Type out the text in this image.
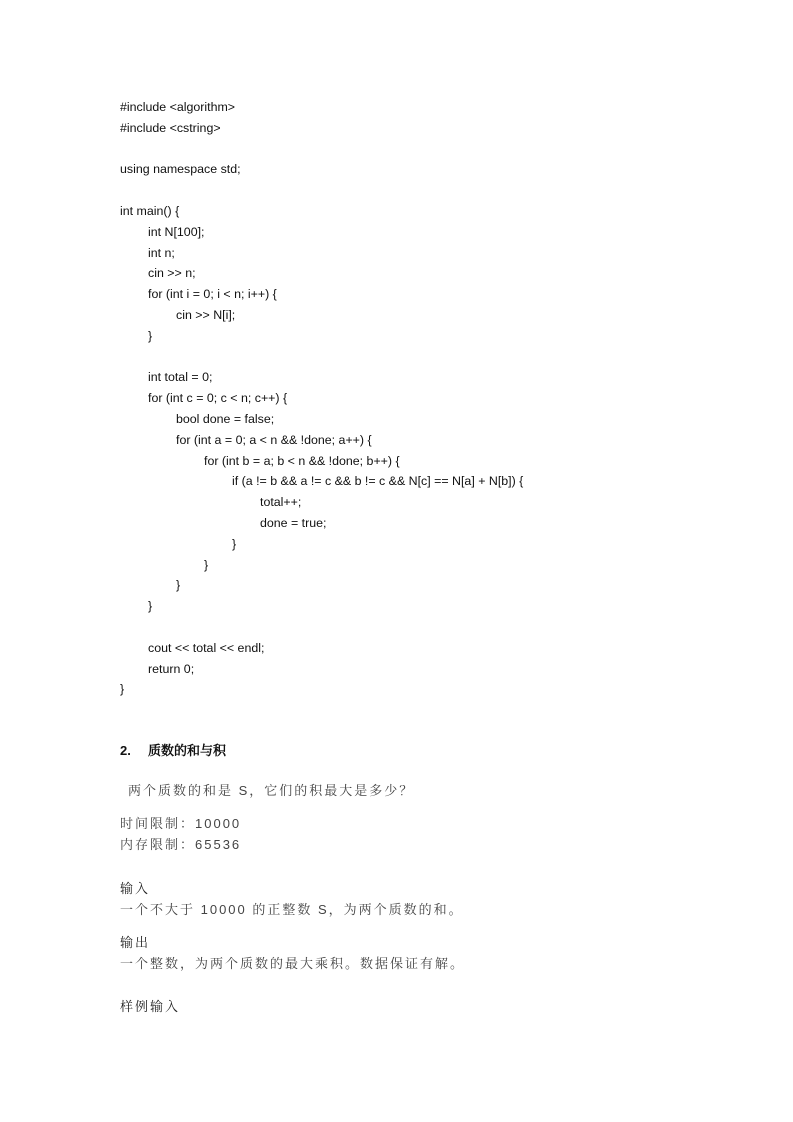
#include <algorithm>
#include <cstring>
using namespace std;
int main() {
int N[100];
int n;
cin >> n;
for (int i = 0; i < n; i++) {
cin >> N[i];
}
int total = 0;
for (int c = 0; c < n; c++) {
bool done = false;
for (int a = 0; a < n && !done; a++) {
for (int b = a; b < n && !done; b++) {
if (a != b && a != c && b != c && N[c] == N[a] + N[b]) {
total++;
done = true;
}
}
}
}
cout << total << endl;
return 0;
}
2. 质数的和与积
两个质数的和是 S，它们的积最大是多少？
时间限制：10000
内存限制：65536
输入
一个不大于 10000 的正整数 S，为两个质数的和。
输出
一个整数，为两个质数的最大乘积。数据保证有解。
样例输入
